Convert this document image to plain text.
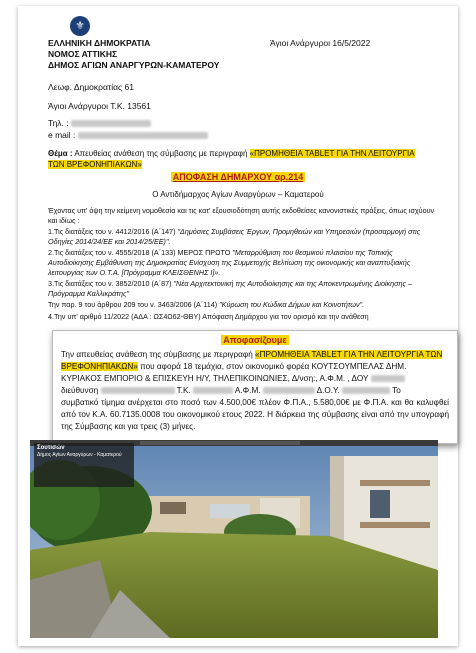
⚜
ΕΛΛΗΝΙΚΗ ΔΗΜΟΚΡΑΤΙΑ	Άγιοι Ανάργυροι 16/5/2022
ΝΟΜΟΣ ΑΤΤΙΚΗΣ
ΔΗΜΟΣ ΑΓΙΩΝ ΑΝΑΡΓΥΡΩΝ-ΚΑΜΑΤΕΡΟΥ
Λεωφ. Δημοκρατίας 61
Άγιοι Ανάργυροι Τ.Κ. 13561
Τηλ. :
e mail :
Θέμα : Απευθείας ανάθεση της σύμβασης με περιγραφή «ΠΡΟΜΗΘΕΙΑ TABLET ΓΙΑ ΤΗΝ ΛΕΙΤΟΥΡΓΙΑ
ΤΩΝ ΒΡΕΦΟΝΗΠΙΑΚΩΝ»
ΑΠΟΦΑΣΗ ΔΗΜΑΡΧΟΥ αρ.214
Ο Αντιδήμαρχος Αγίων Αναργύρων – Καματερού

Έχοντας υπ' όψη την κείμενη νομοθεσία και τις κατ' εξουσιοδότηση αυτής εκδοθείσες κανονιστικές πράξεις, όπως ισχύουν και ιδίως :

1.Τις διατάξεις του ν. 4412/2016 (Α΄147) "Δημόσιες Συμβάσεις Έργων, Προμηθειών και Υπηρεσιών (προσαρμογή στις Οδηγίες 2014/24/ΕΕ και 2014/25/ΕΕ)".

2.Τις διατάξεις του ν. 4555/2018 (Α΄133) ΜΕΡΟΣ ΠΡΩΤΟ "Μεταρρύθμιση του θεσμικού πλαισίου της Τοπικής Αυτοδιοίκησης Εμβάθυνση της Δημοκρατίας Ενίσχυση της Συμμετοχής Βελτίωση της οικονομικής και αναπτυξιακής λειτουργίας των Ο.Τ.Α. [Πρόγραμμα ΚΛΕΙΣΘΕΝΗΣ Ι]».

3.Τις διατάξεις του ν. 3852/2010 (Α΄87) "Νέα Αρχιτεκτονική της Αυτοδιοίκησης και της Αποκεντρωμένης Διοίκησης – Πρόγραμμα Καλλικράτης"

Την παρ. 9 του άρθρου 209 του ν. 3463/2006 (Α΄114) "Κύρωση του Κώδικα Δήμων και Κοινοτήτων".

4.Την υπ' αριθμό 11/2022 (ΑΔΑ : ΩΣ4Ω62-ΘΒΥ) Απόφαση Δημάρχου για τον ορισμό και την ανάθεση

Αποφασίζουμε
Την απευθείας ανάθεση της σύμβασης με περιγραφή «ΠΡΟΜΗΘΕΙΑ TABLET ΓΙΑ ΤΗΝ ΛΕΙΤΟΥΡΓΙΑ ΤΩΝ
ΒΡΕΦΟΝΗΠΙΑΚΩΝ» που αφορά 18 τεμάχια, στον οικονομικό φορέα ΚΟΥΤΣΟΥΜΠΕΛΑΣ ΔΗΜ.
ΚΥΡΙΑΚΟΣ ΕΜΠΟΡΙΟ & ΕΠΙΣΚΕΥΗ Η/Υ, ΤΗΛΕΠΙΚΟΙΝΩΝΙΕΣ, Δ/νση:, Α.Φ.Μ. , ΔΟΥ
διεύθυνση	Τ.Κ.	Α.Φ.Μ.	Δ.Ο.Υ.	Το
συμβατικό τίμημα ανέρχεται στο ποσό των 4.500,00€ πλέον Φ.Π.Α., 5.580,00€ με Φ.Π.Α. και θα καλυφθεί από τον Κ.Α. 60.7135.0008 του οικονομικού ετους 2022. Η διάρκεια της σύμβασης είναι από την υπογραφή της Σύμβασης και για τρεις (3) μήνες.
Σουτισών
Δήμος Αγίων Αναργύρων - Καματερού
